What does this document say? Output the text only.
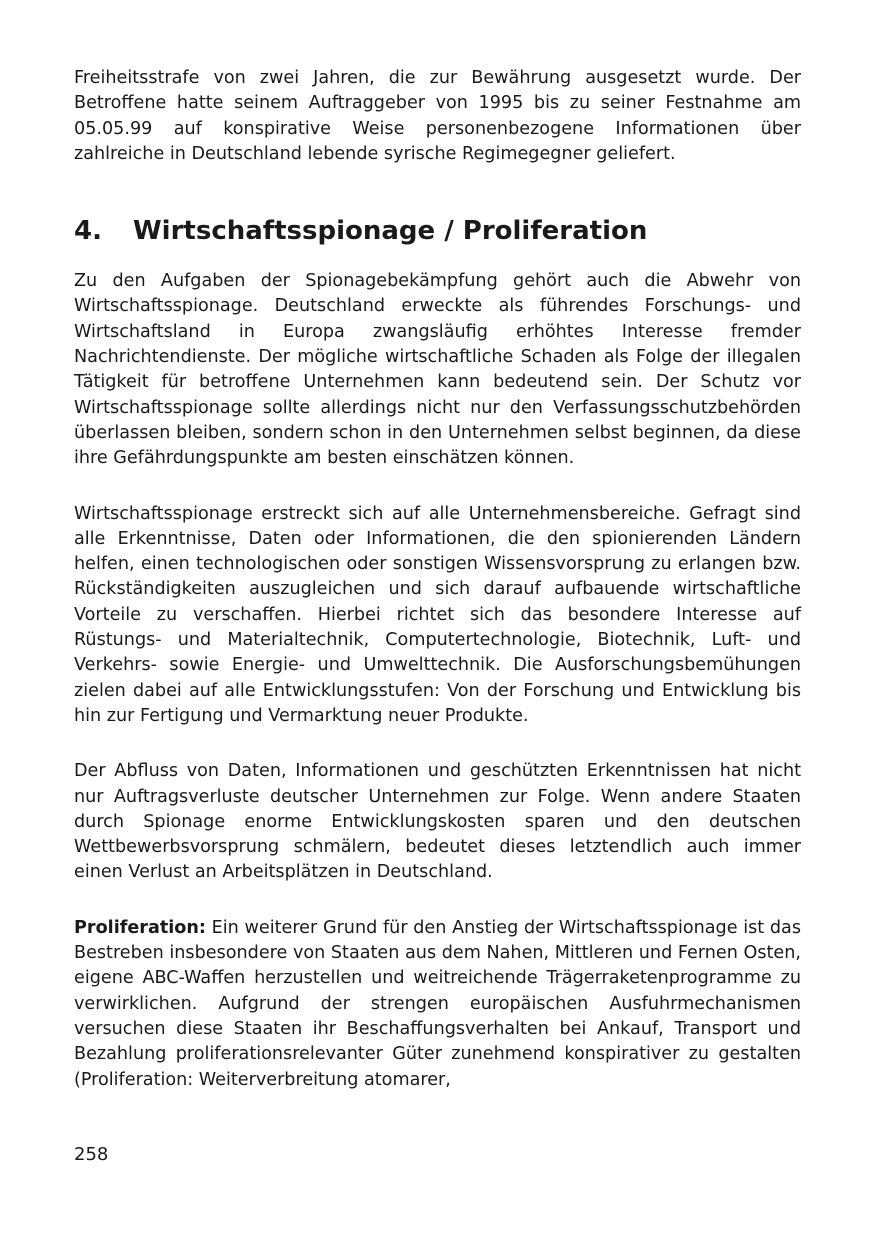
Freiheitsstrafe von zwei Jahren, die zur Bewährung ausgesetzt wurde. Der Betroffene hatte seinem Auftraggeber von 1995 bis zu seiner Festnahme am 05.05.99 auf konspirative Weise personenbezogene Informationen über zahlreiche in Deutschland lebende syrische Regimegegner geliefert.

4.	Wirtschaftsspionage / Proliferation

Zu den Aufgaben der Spionagebekämpfung gehört auch die Abwehr von Wirtschaftsspionage. Deutschland erweckte als führendes Forschungs- und Wirtschaftsland in Europa zwangsläufig erhöhtes Interesse fremder Nachrichtendienste. Der mögliche wirtschaftliche Schaden als Folge der illegalen Tätigkeit für betroffene Unternehmen kann bedeutend sein. Der Schutz vor Wirtschaftsspionage sollte allerdings nicht nur den Verfassungsschutzbehörden überlassen bleiben, sondern schon in den Unternehmen selbst beginnen, da diese ihre Gefährdungspunkte am besten einschätzen können.

Wirtschaftsspionage erstreckt sich auf alle Unternehmensbereiche. Gefragt sind alle Erkenntnisse, Daten oder Informationen, die den spionierenden Ländern helfen, einen technologischen oder sonstigen Wissensvorsprung zu erlangen bzw. Rückständigkeiten auszugleichen und sich darauf aufbauende wirtschaftliche Vorteile zu verschaffen. Hierbei richtet sich das besondere Interesse auf Rüstungs- und Materialtechnik, Computertechnologie, Biotechnik, Luft- und Verkehrs- sowie Energie- und Umwelttechnik. Die Ausforschungsbemühungen zielen dabei auf alle Entwicklungsstufen: Von der Forschung und Entwicklung bis hin zur Fertigung und Vermarktung neuer Produkte.

Der Abfluss von Daten, Informationen und geschützten Erkenntnissen hat nicht nur Auftragsverluste deutscher Unternehmen zur Folge. Wenn andere Staaten durch Spionage enorme Entwicklungskosten sparen und den deutschen Wettbewerbsvorsprung schmälern, bedeutet dieses letztendlich auch immer einen Verlust an Arbeitsplätzen in Deutschland.

Proliferation: Ein weiterer Grund für den Anstieg der Wirtschaftsspionage ist das Bestreben insbesondere von Staaten aus dem Nahen, Mittleren und Fernen Osten, eigene ABC-Waffen herzustellen und weitreichende Trägerraketenprogramme zu verwirklichen. Aufgrund der strengen europäischen Ausfuhrmechanismen versuchen diese Staaten ihr Beschaffungsverhalten bei Ankauf, Transport und Bezahlung proliferationsrelevanter Güter zunehmend konspirativer zu gestalten (Proliferation: Weiterverbreitung atomarer,

258
